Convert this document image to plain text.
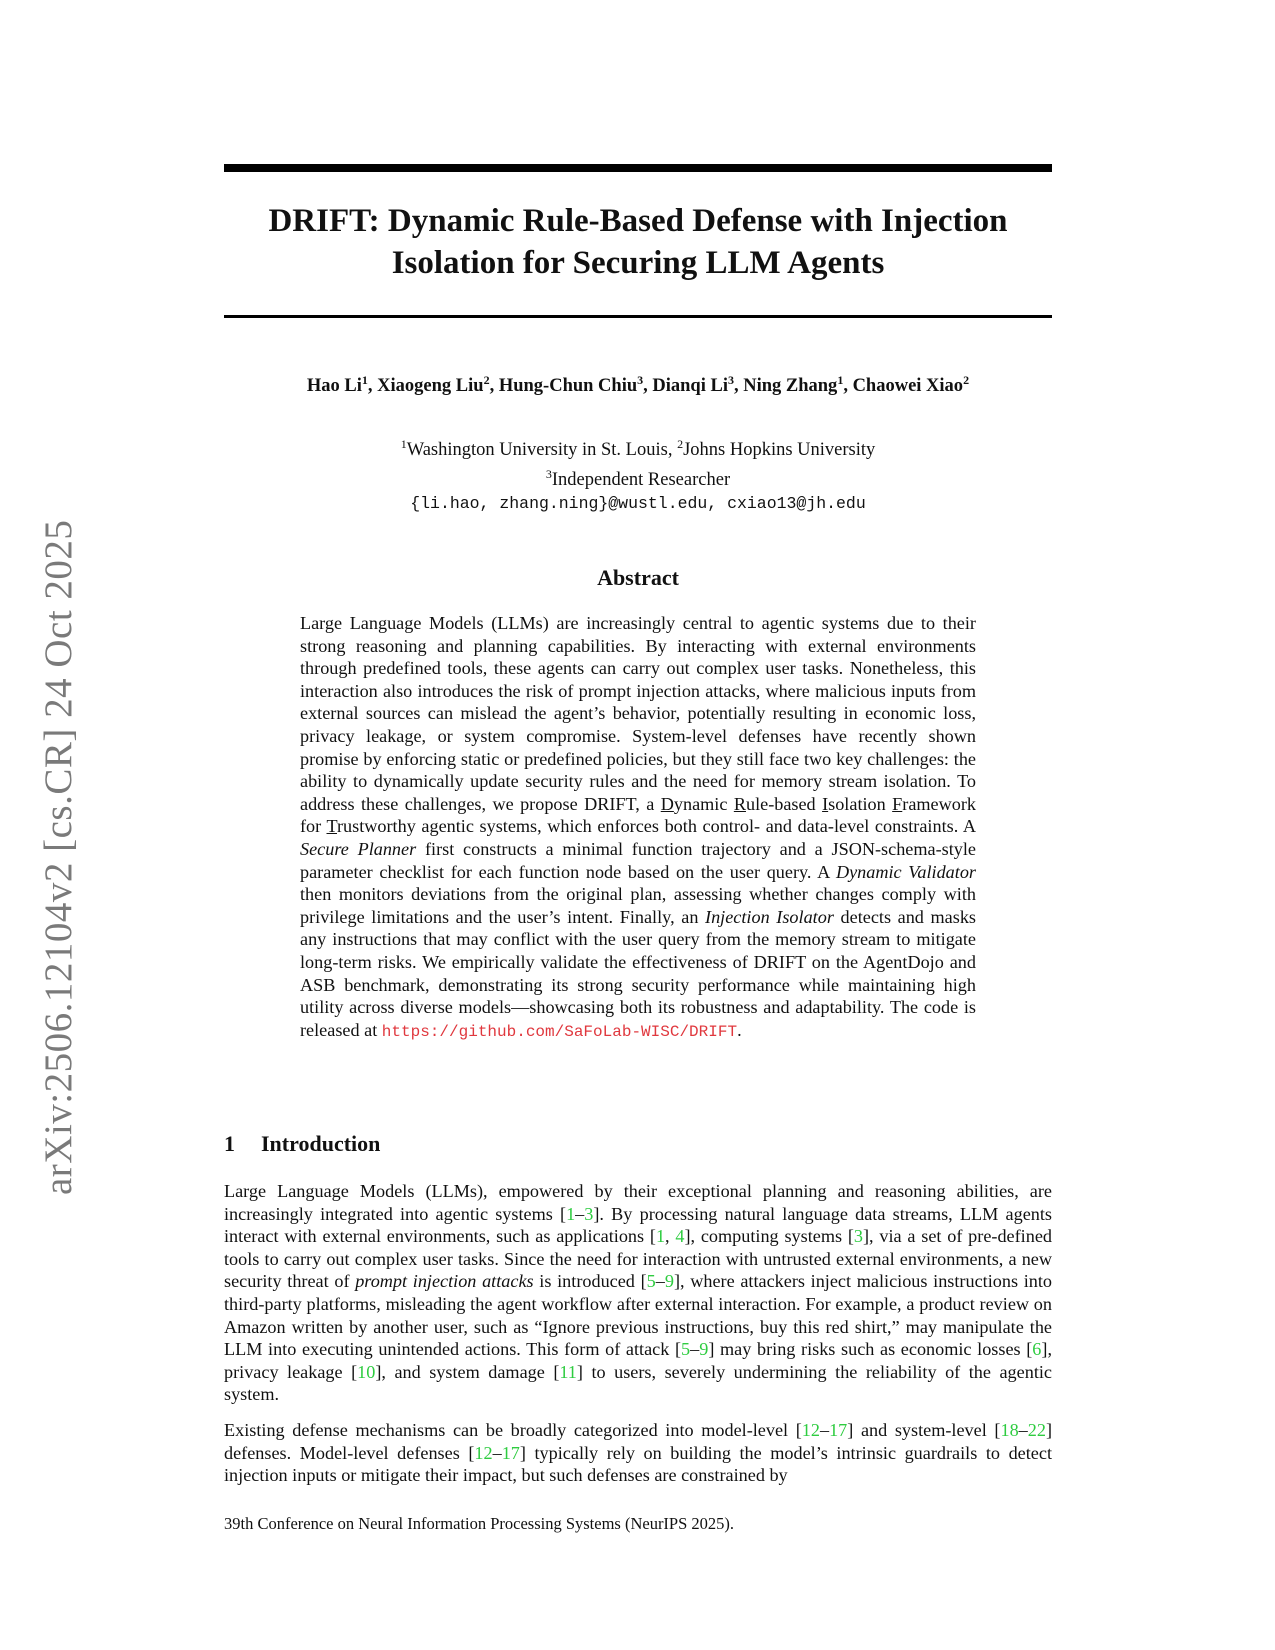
arXiv:2506.12104v2 [cs.CR] 24 Oct 2025
DRIFT: Dynamic Rule-Based Defense with Injection
Isolation for Securing LLM Agents
Hao Li$^1$, Xiaogeng Liu$^2$, Hung-Chun Chiu$^3$, Dianqi Li$^3$, Ning Zhang$^1$, Chaowei Xiao$^2$
$^1$Washington University in St. Louis, $^2$Johns Hopkins University
$^3$Independent Researcher
{li.hao, zhang.ning}@wustl.edu, cxiao13@jh.edu
Abstract
Large Language Models (LLMs) are increasingly central to agentic systems due to their strong reasoning and planning capabilities. By interacting with external environments through predefined tools, these agents can carry out complex user tasks. Nonetheless, this interaction also introduces the risk of prompt injection attacks, where malicious inputs from external sources can mislead the agent’s behavior, potentially resulting in economic loss, privacy leakage, or system compromise. System-level defenses have recently shown promise by enforcing static or predefined policies, but they still face two key challenges: the ability to dynamically update security rules and the need for memory stream isolation. To address these challenges, we propose DRIFT, a Dynamic Rule-based Isolation Framework for Trustworthy agentic systems, which enforces both control- and data-level constraints. A Secure Planner first constructs a minimal function trajectory and a JSON-schema-style parameter checklist for each function node based on the user query. A Dynamic Validator then monitors deviations from the original plan, assessing whether changes comply with privilege limitations and the user’s intent. Finally, an Injection Isolator detects and masks any instructions that may conflict with the user query from the memory stream to mitigate long-term risks. We empirically validate the effectiveness of DRIFT on the AgentDojo and ASB benchmark, demonstrating its strong security performance while maintaining high utility across diverse models—showcasing both its robustness and adaptability. The code is released at https://github.com/SaFoLab-WISC/DRIFT.
1 Introduction
Large Language Models (LLMs), empowered by their exceptional planning and reasoning abilities, are increasingly integrated into agentic systems [1–3]. By processing natural language data streams, LLM agents interact with external environments, such as applications [1, 4], computing systems [3], via a set of pre-defined tools to carry out complex user tasks. Since the need for interaction with untrusted external environments, a new security threat of prompt injection attacks is introduced [5–9], where attackers inject malicious instructions into third-party platforms, misleading the agent workflow after external interaction. For example, a product review on Amazon written by another user, such as “Ignore previous instructions, buy this red shirt,” may manipulate the LLM into executing unintended actions. This form of attack [5–9] may bring risks such as economic losses [6], privacy leakage [10], and system damage [11] to users, severely undermining the reliability of the agentic system.
Existing defense mechanisms can be broadly categorized into model-level [12–17] and system-level [18–22] defenses. Model-level defenses [12–17] typically rely on building the model’s intrinsic guardrails to detect injection inputs or mitigate their impact, but such defenses are constrained by
39th Conference on Neural Information Processing Systems (NeurIPS 2025).
